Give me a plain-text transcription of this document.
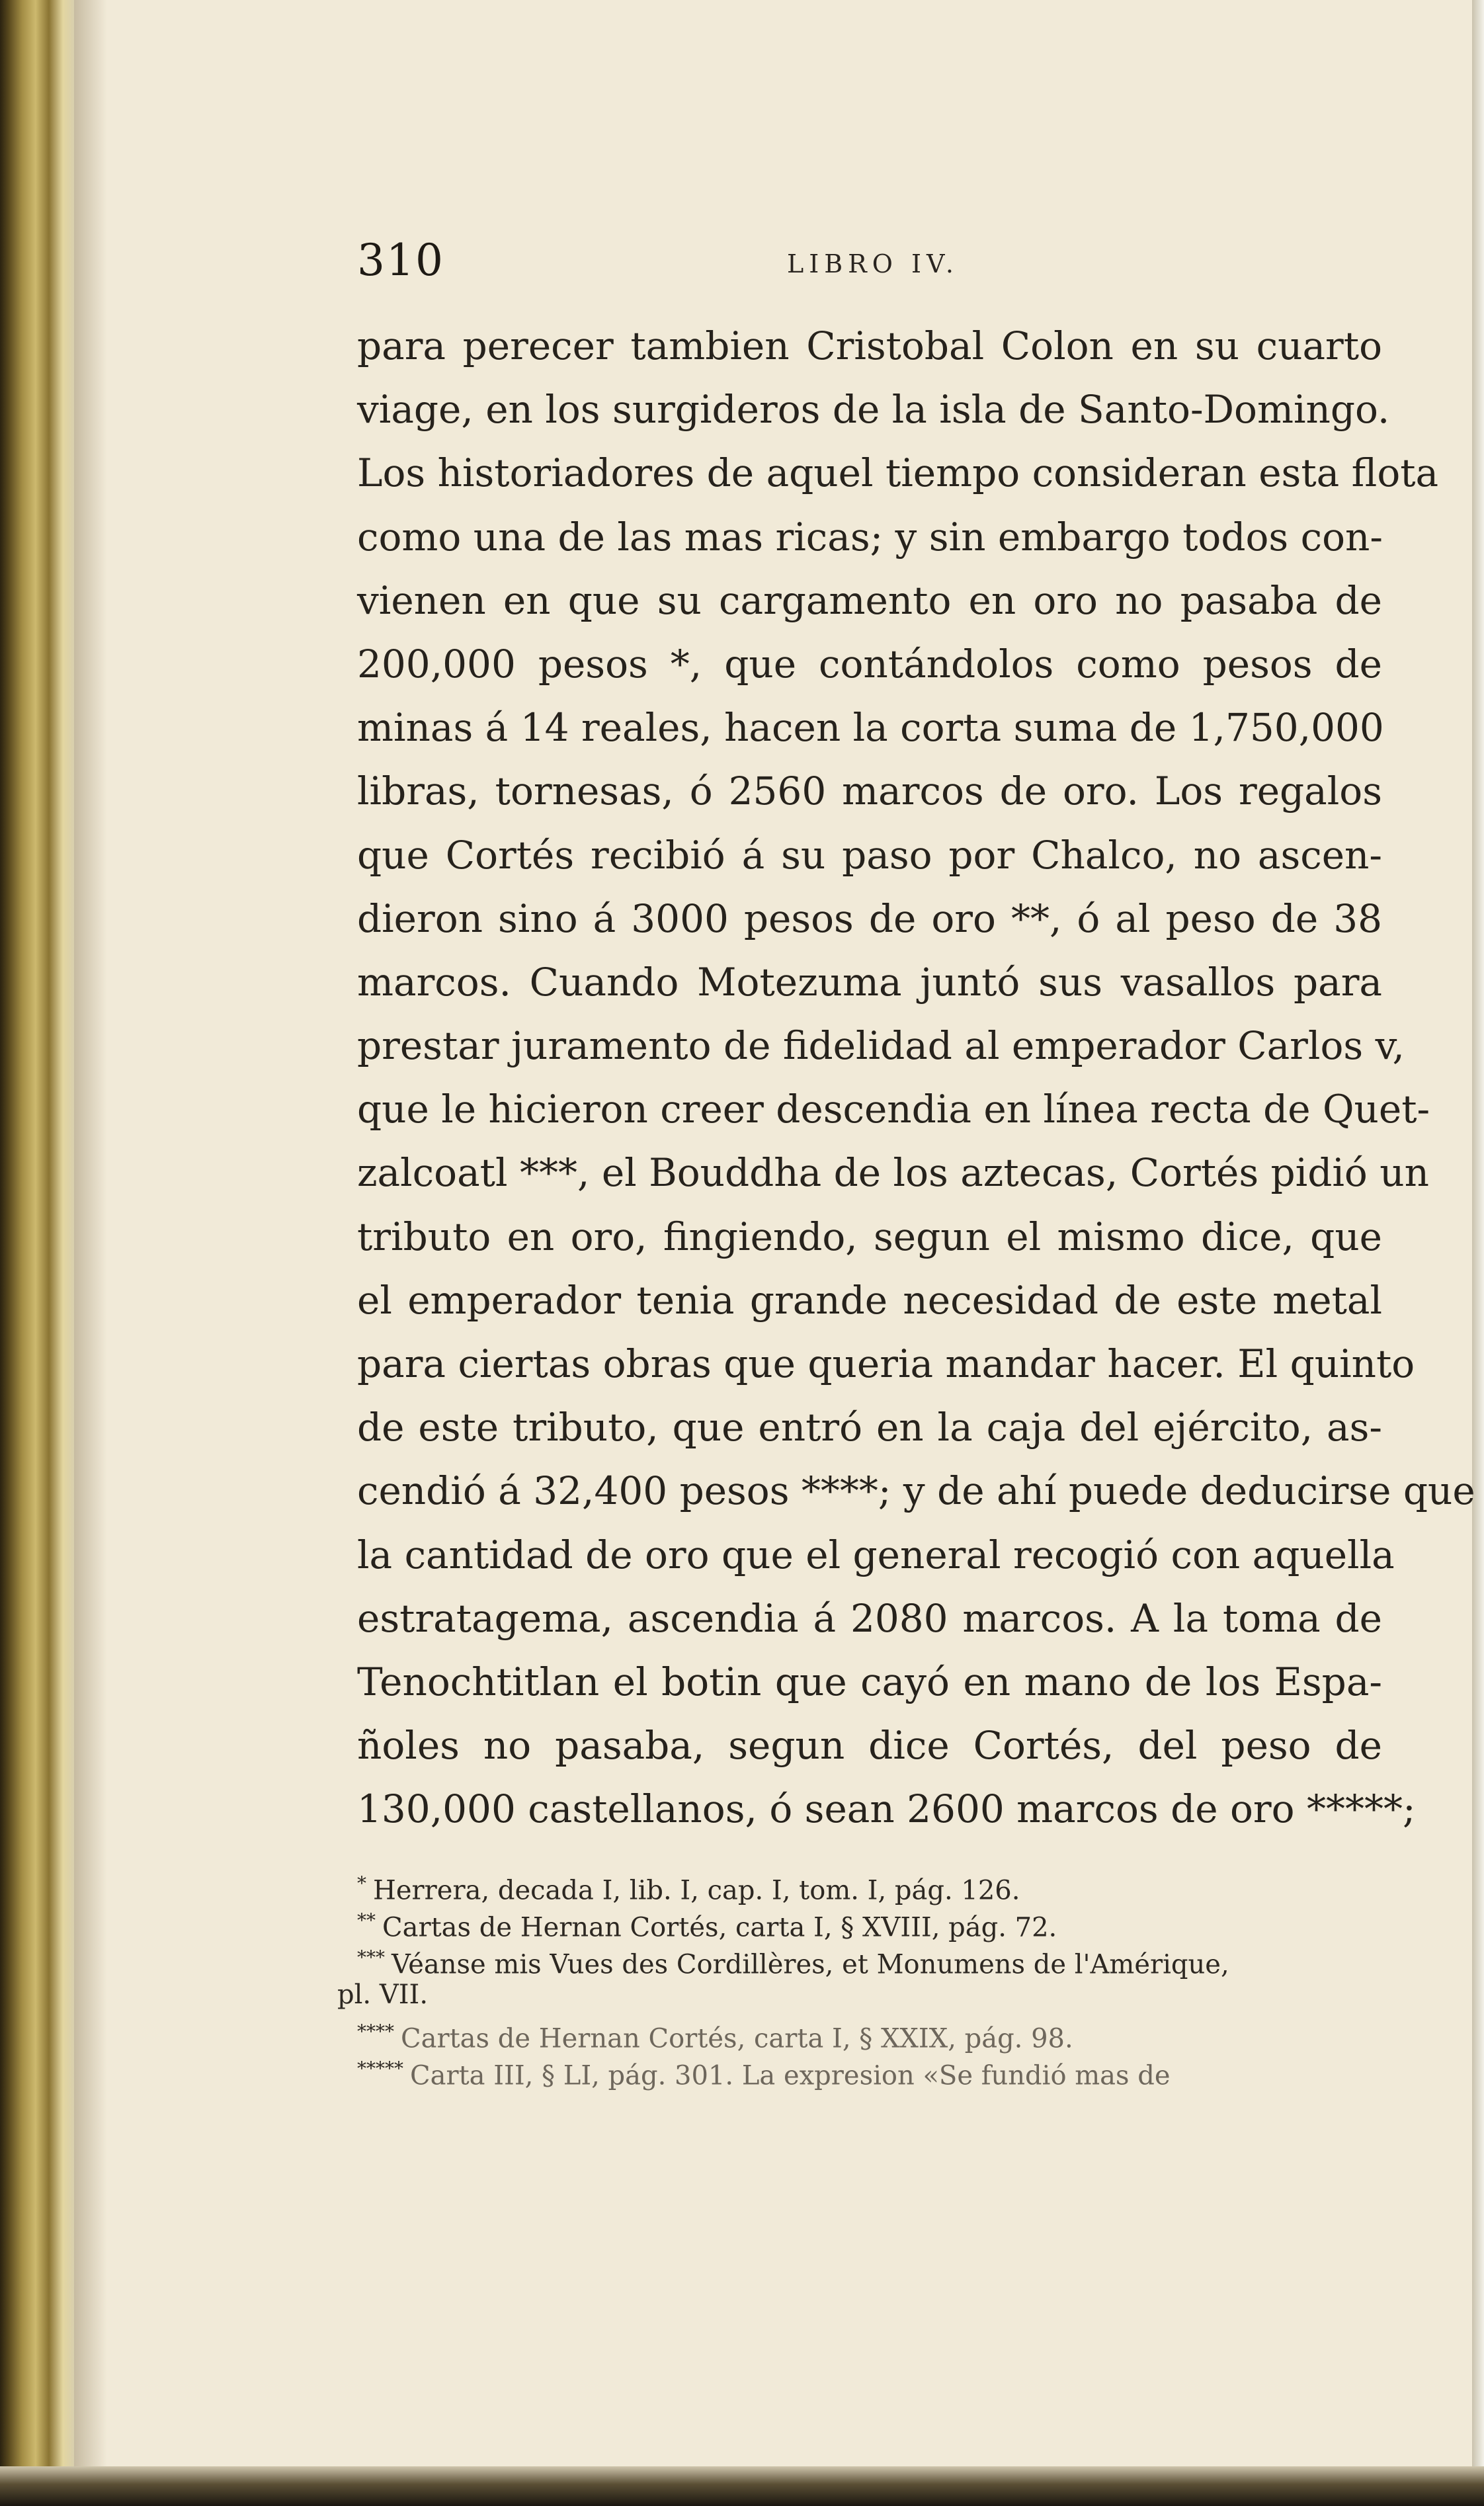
310	LIBRO IV.
para perecer tambien Cristobal Colon en su cuarto
viage, en los surgideros de la isla de Santo-Domingo.
Los historiadores de aquel tiempo consideran esta flota
como una de las mas ricas; y sin embargo todos con-
vienen en que su cargamento en oro no pasaba de
200,000 pesos *, que contándolos como pesos de
minas á 14 reales, hacen la corta suma de 1,750,000
libras, tornesas, ó 2560 marcos de oro. Los regalos
que Cortés recibió á su paso por Chalco, no ascen-
dieron sino á 3000 pesos de oro **, ó al peso de 38
marcos. Cuando Motezuma juntó sus vasallos para
prestar juramento de fidelidad al emperador Carlos v,
que le hicieron creer descendia en línea recta de Quet-
zalcoatl ***, el Bouddha de los aztecas, Cortés pidió un
tributo en oro, fingiendo, segun el mismo dice, que
el emperador tenia grande necesidad de este metal
para ciertas obras que queria mandar hacer. El quinto
de este tributo, que entró en la caja del ejército, as-
cendió á 32,400 pesos ****; y de ahí puede deducirse que
la cantidad de oro que el general recogió con aquella
estratagema, ascendia á 2080 marcos. A la toma de
Tenochtitlan el botin que cayó en mano de los Espa-
ñoles no pasaba, segun dice Cortés, del peso de
130,000 castellanos, ó sean 2600 marcos de oro *****;
* Herrera, decada I, lib. I, cap. I, tom. I, pág. 126.
** Cartas de Hernan Cortés, carta I, § XVIII, pág. 72.
*** Véanse mis Vues des Cordillères, et Monumens de l'Amérique,
pl. VII.
**** Cartas de Hernan Cortés, carta I, § XXIX, pág. 98.
***** Carta III, § LI, pág. 301. La expresion «Se fundió mas de
